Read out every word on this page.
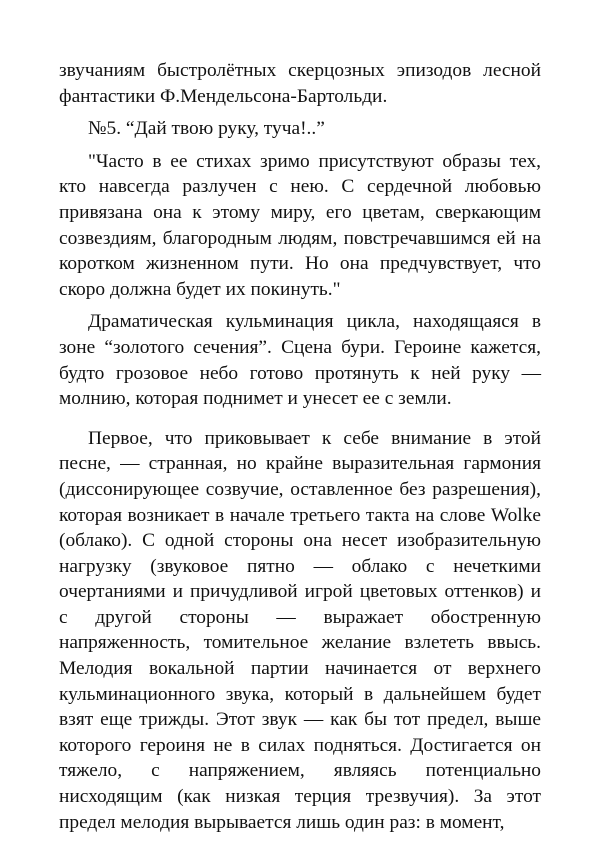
звучаниям быстролётных скерцозных эпизодов лесной фантастики Ф.Мендельсона-Бартольди.

№5. “Дай твою руку, туча!..”

"Часто в ее стихах зримо присутствуют образы тех, кто навсегда разлучен с нею. С сердечной любовью привязана она к этому миру, его цветам, сверкающим созвездиям, благородным людям, повстречавшимся ей на коротком жизненном пути. Но она предчувствует, что скоро должна будет их покинуть."

Драматическая кульминация цикла, находящаяся в зоне “золотого сечения”. Сцена бури. Героине кажется, будто грозовое небо готово протянуть к ней руку — молнию, которая поднимет и унесет ее с земли.

Первое, что приковывает к себе внимание в этой песне, — странная, но крайне выразительная гармония (диссонирующее созвучие, оставленное без разрешения), которая возникает в начале третьего такта на слове Wolke (облако). С одной стороны она несет изобразительную нагрузку (звуковое пятно — облако с нечеткими очертаниями и причудливой игрой цветовых оттенков) и с другой стороны — выражает обостренную напряженность, томительное желание взлететь ввысь. Мелодия вокальной партии начинается от верхнего кульминационного звука, который в дальнейшем будет взят еще трижды. Этот звук — как бы тот предел, выше которого героиня не в силах подняться. Достигается он тяжело, с напряжением, являясь потенциально нисходящим (как низкая терция трезвучия). За этот предел мелодия вырывается лишь один раз: в момент,
